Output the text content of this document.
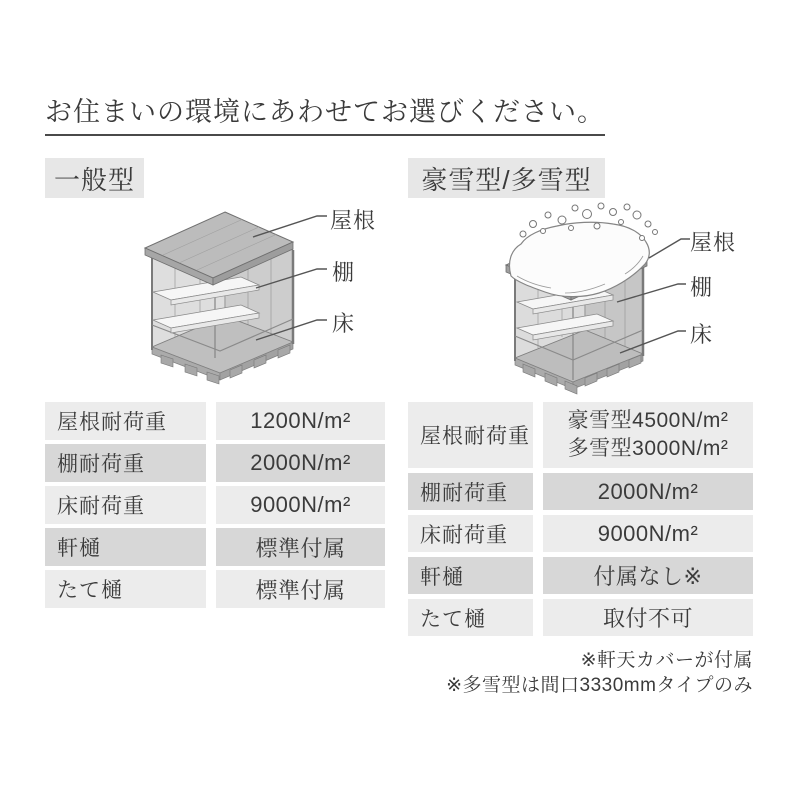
お住まいの環境にあわせてお選びください。
一般型	豪雪型/多雪型
屋根
棚
床
屋根
棚
床
屋根耐荷重	1200N/m²
棚耐荷重	2000N/m²
床耐荷重	9000N/m²
軒樋	標準付属
たて樋	標準付属
屋根耐荷重
豪雪型4500N/m²
多雪型3000N/m²
棚耐荷重	2000N/m²
床耐荷重	9000N/m²
軒樋	付属なし※
たて樋	取付不可
※軒天カバーが付属
※多雪型は間口3330mmタイプのみ
